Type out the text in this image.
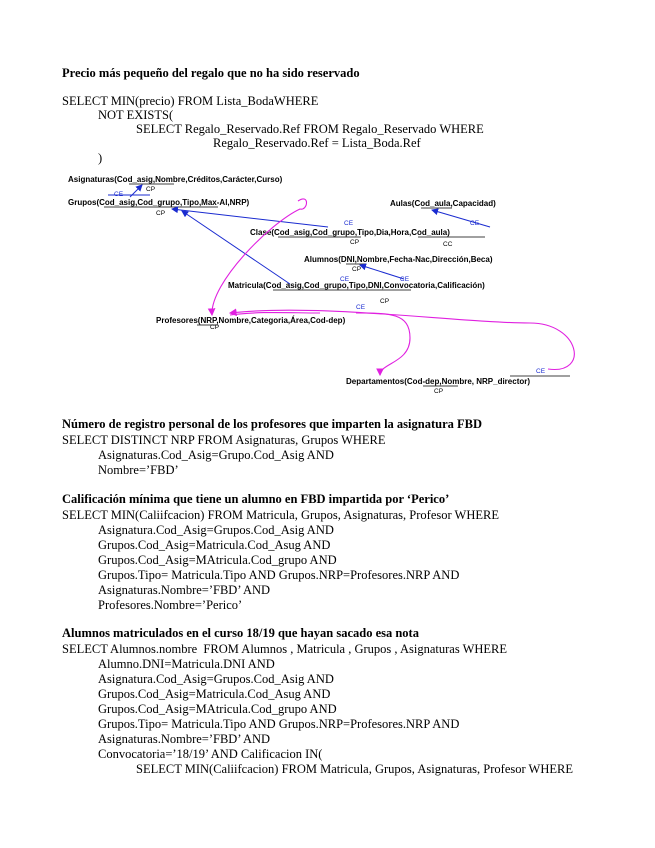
Precio más pequeño del regalo que no ha sido reservado
SELECT MIN(precio) FROM Lista_BodaWHERE
NOT EXISTS(
SELECT Regalo_Reservado.Ref FROM Regalo_Reservado WHERE
Regalo_Reservado.Ref = Lista_Boda.Ref
)
Asignaturas(Cod_asig,Nombre,Créditos,Carácter,Curso)
Grupos(Cod_asig,Cod_grupo,Tipo,Max-Al,NRP)	Aulas(Cod_aula,Capacidad)
Clase(Cod_asig,Cod_grupo,Tipo,Dia,Hora,Cod_aula)
Alumnos(DNI,Nombre,Fecha-Nac,Dirección,Beca)
Matricula(Cod_asig,Cod_grupo,Tipo,DNI,Convocatoria,Calificación)
Profesores(NRP,Nombre,Categoria,Área,Cod-dep)
Departamentos(Cod-dep,Nombre, NRP_director)
CP
CP
CP	CC
CP
CP
CP
CP
CE
CE	CE
CE	CE
CE
CE
Número de registro personal de los profesores que imparten la asignatura FBD
SELECT DISTINCT NRP FROM Asignaturas, Grupos WHERE
Asignaturas.Cod_Asig=Grupo.Cod_Asig AND
Nombre=’FBD’
Calificación mínima que tiene un alumno en FBD impartida por ‘Perico’
SELECT MIN(Caliifcacion) FROM Matricula, Grupos, Asignaturas, Profesor WHERE
Asignatura.Cod_Asig=Grupos.Cod_Asig AND
Grupos.Cod_Asig=Matricula.Cod_Asug AND
Grupos.Cod_Asig=MAtricula.Cod_grupo AND
Grupos.Tipo= Matricula.Tipo AND Grupos.NRP=Profesores.NRP AND
Asignaturas.Nombre=’FBD’ AND
Profesores.Nombre=’Perico’
Alumnos matriculados en el curso 18/19 que hayan sacado esa nota
SELECT Alumnos.nombre  FROM Alumnos , Matricula , Grupos , Asignaturas WHERE
Alumno.DNI=Matricula.DNI AND
Asignatura.Cod_Asig=Grupos.Cod_Asig AND
Grupos.Cod_Asig=Matricula.Cod_Asug AND
Grupos.Cod_Asig=MAtricula.Cod_grupo AND
Grupos.Tipo= Matricula.Tipo AND Grupos.NRP=Profesores.NRP AND
Asignaturas.Nombre=’FBD’ AND
Convocatoria=’18/19’ AND Calificacion IN(
SELECT MIN(Caliifcacion) FROM Matricula, Grupos, Asignaturas, Profesor WHERE
